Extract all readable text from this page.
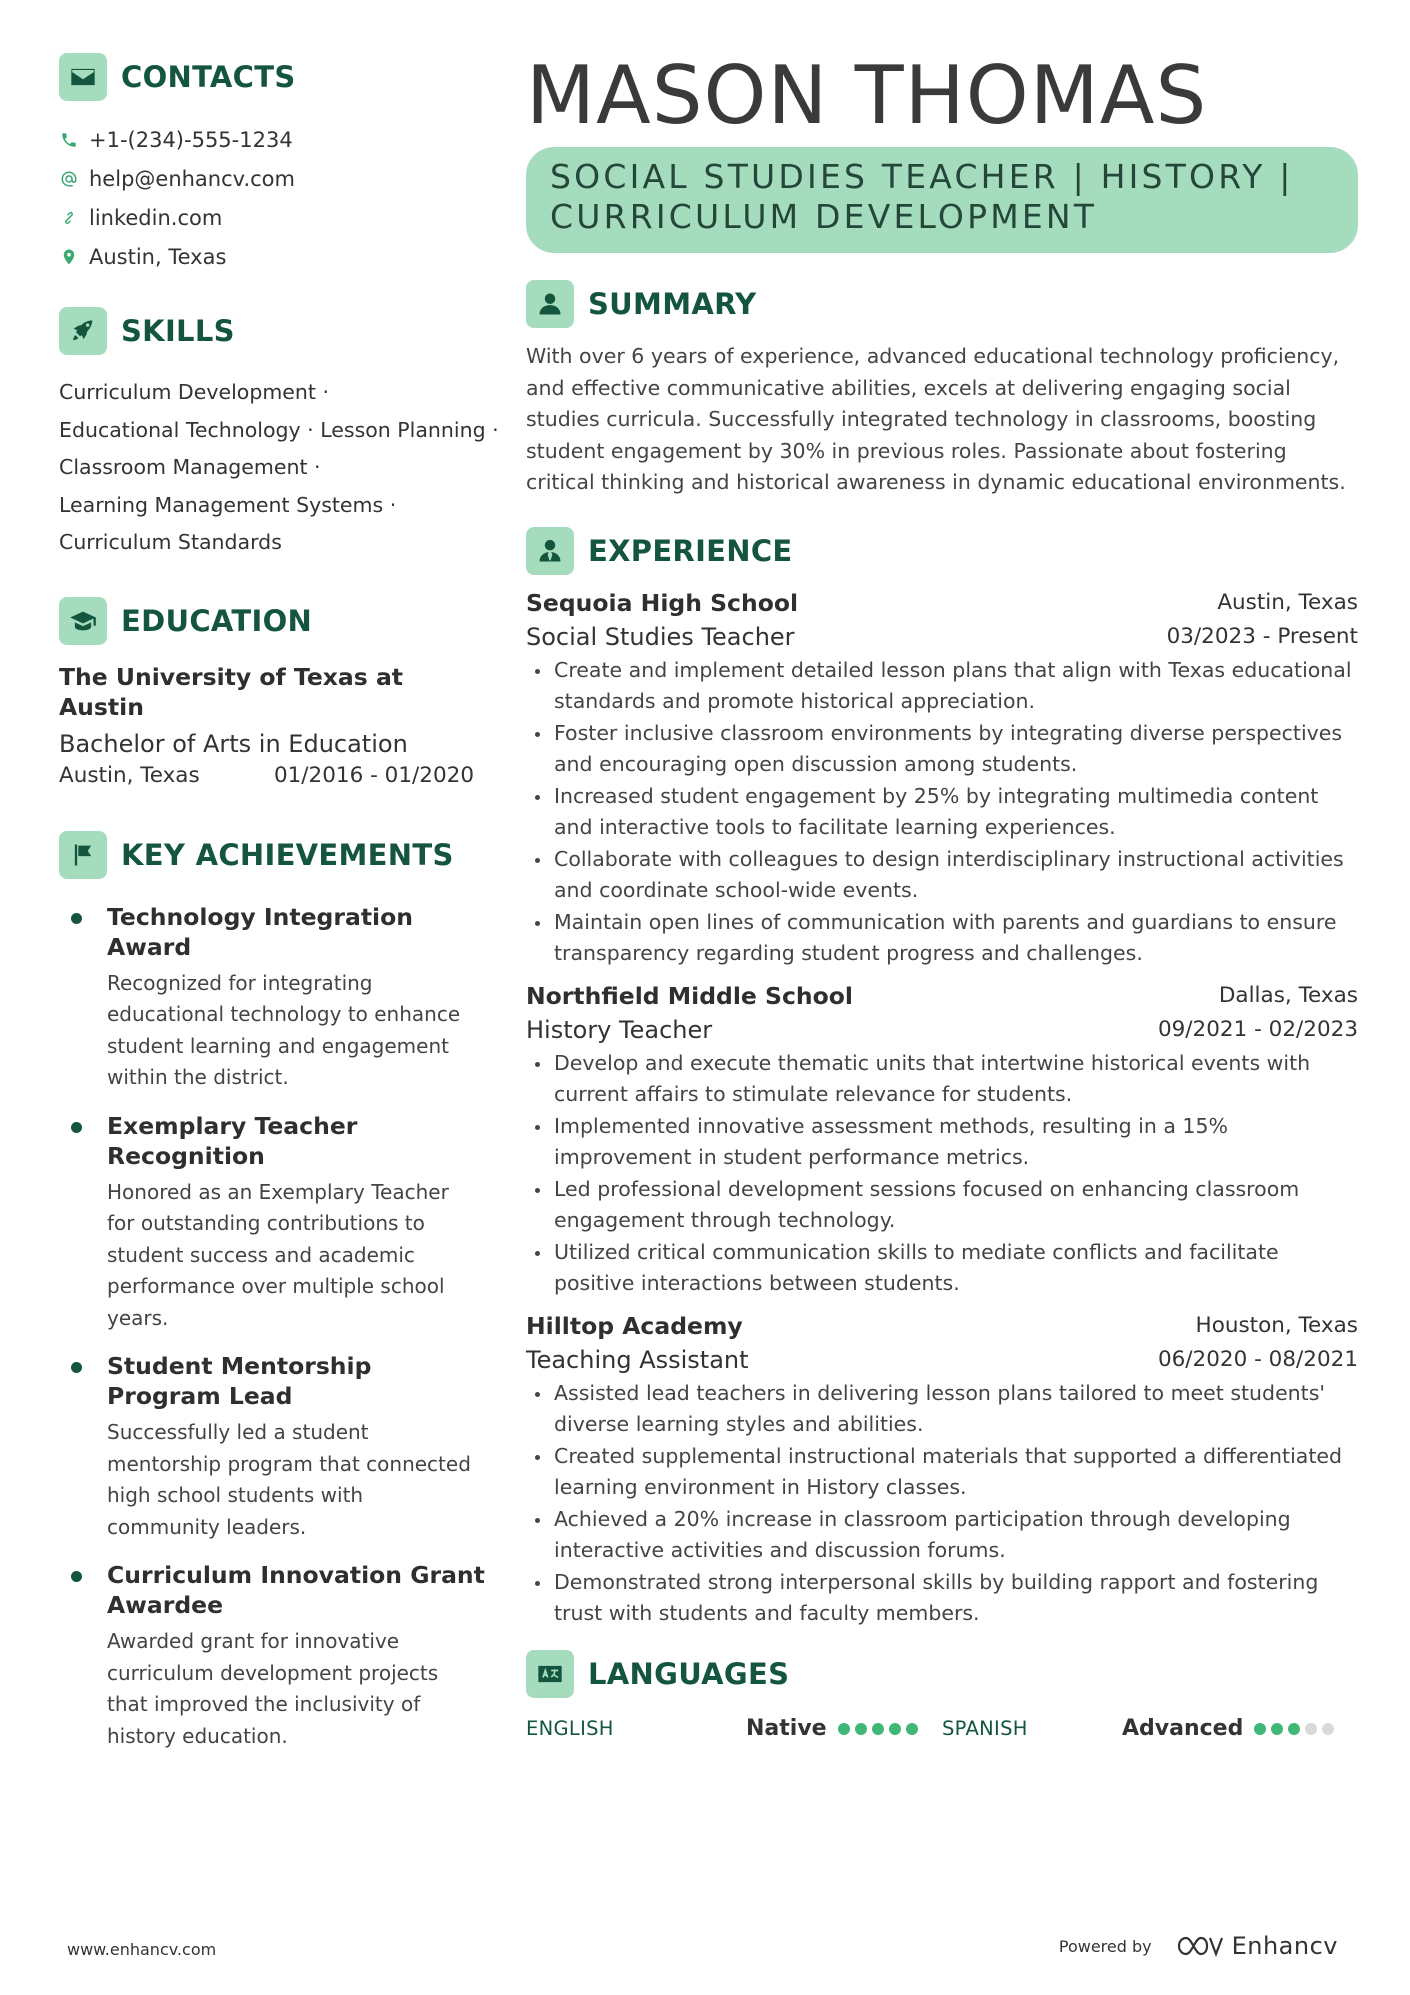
CONTACTS
+1-(234)-555-1234
help@enhancv.com
linkedin.com
Austin, Texas
SKILLS
Curriculum Development ·
Educational Technology · Lesson Planning ·
Classroom Management ·
Learning Management Systems ·
Curriculum Standards
EDUCATION
The University of Texas at Austin
Bachelor of Arts in Education
Austin, Texas	01/2016 - 01/2020
KEY ACHIEVEMENTS
Technology Integration Award
Recognized for integrating educational technology to enhance student learning and engagement within the district.
Exemplary Teacher Recognition
Honored as an Exemplary Teacher for outstanding contributions to student success and academic performance over multiple school years.
Student Mentorship Program Lead
Successfully led a student mentorship program that connected high school students with community leaders.
Curriculum Innovation Grant Awardee
Awarded grant for innovative curriculum development projects that improved the inclusivity of history education.
MASON THOMAS
SOCIAL STUDIES TEACHER | HISTORY |
CURRICULUM DEVELOPMENT
SUMMARY
With over 6 years of experience, advanced educational technology proficiency, and effective communicative abilities, excels at delivering engaging social studies curricula. Successfully integrated technology in classrooms, boosting student engagement by 30% in previous roles. Passionate about fostering critical thinking and historical awareness in dynamic educational environments.
EXPERIENCE
Sequoia High School	Austin, Texas
Social Studies Teacher	03/2023 - Present
Create and implement detailed lesson plans that align with Texas educational standards and promote historical appreciation.
Foster inclusive classroom environments by integrating diverse perspectives and encouraging open discussion among students.
Increased student engagement by 25% by integrating multimedia content and interactive tools to facilitate learning experiences.
Collaborate with colleagues to design interdisciplinary instructional activities and coordinate school-wide events.
Maintain open lines of communication with parents and guardians to ensure transparency regarding student progress and challenges.
Northfield Middle School	Dallas, Texas
History Teacher	09/2021 - 02/2023
Develop and execute thematic units that intertwine historical events with current affairs to stimulate relevance for students.
Implemented innovative assessment methods, resulting in a 15% improvement in student performance metrics.
Led professional development sessions focused on enhancing classroom engagement through technology.
Utilized critical communication skills to mediate conflicts and facilitate positive interactions between students.
Hilltop Academy	Houston, Texas
Teaching Assistant	06/2020 - 08/2021
Assisted lead teachers in delivering lesson plans tailored to meet students' diverse learning styles and abilities.
Created supplemental instructional materials that supported a differentiated learning environment in History classes.
Achieved a 20% increase in classroom participation through developing interactive activities and discussion forums.
Demonstrated strong interpersonal skills by building rapport and fostering trust with students and faculty members.
LANGUAGES
ENGLISH	Native	SPANISH	Advanced
www.enhancv.com	Powered by	Enhancv
